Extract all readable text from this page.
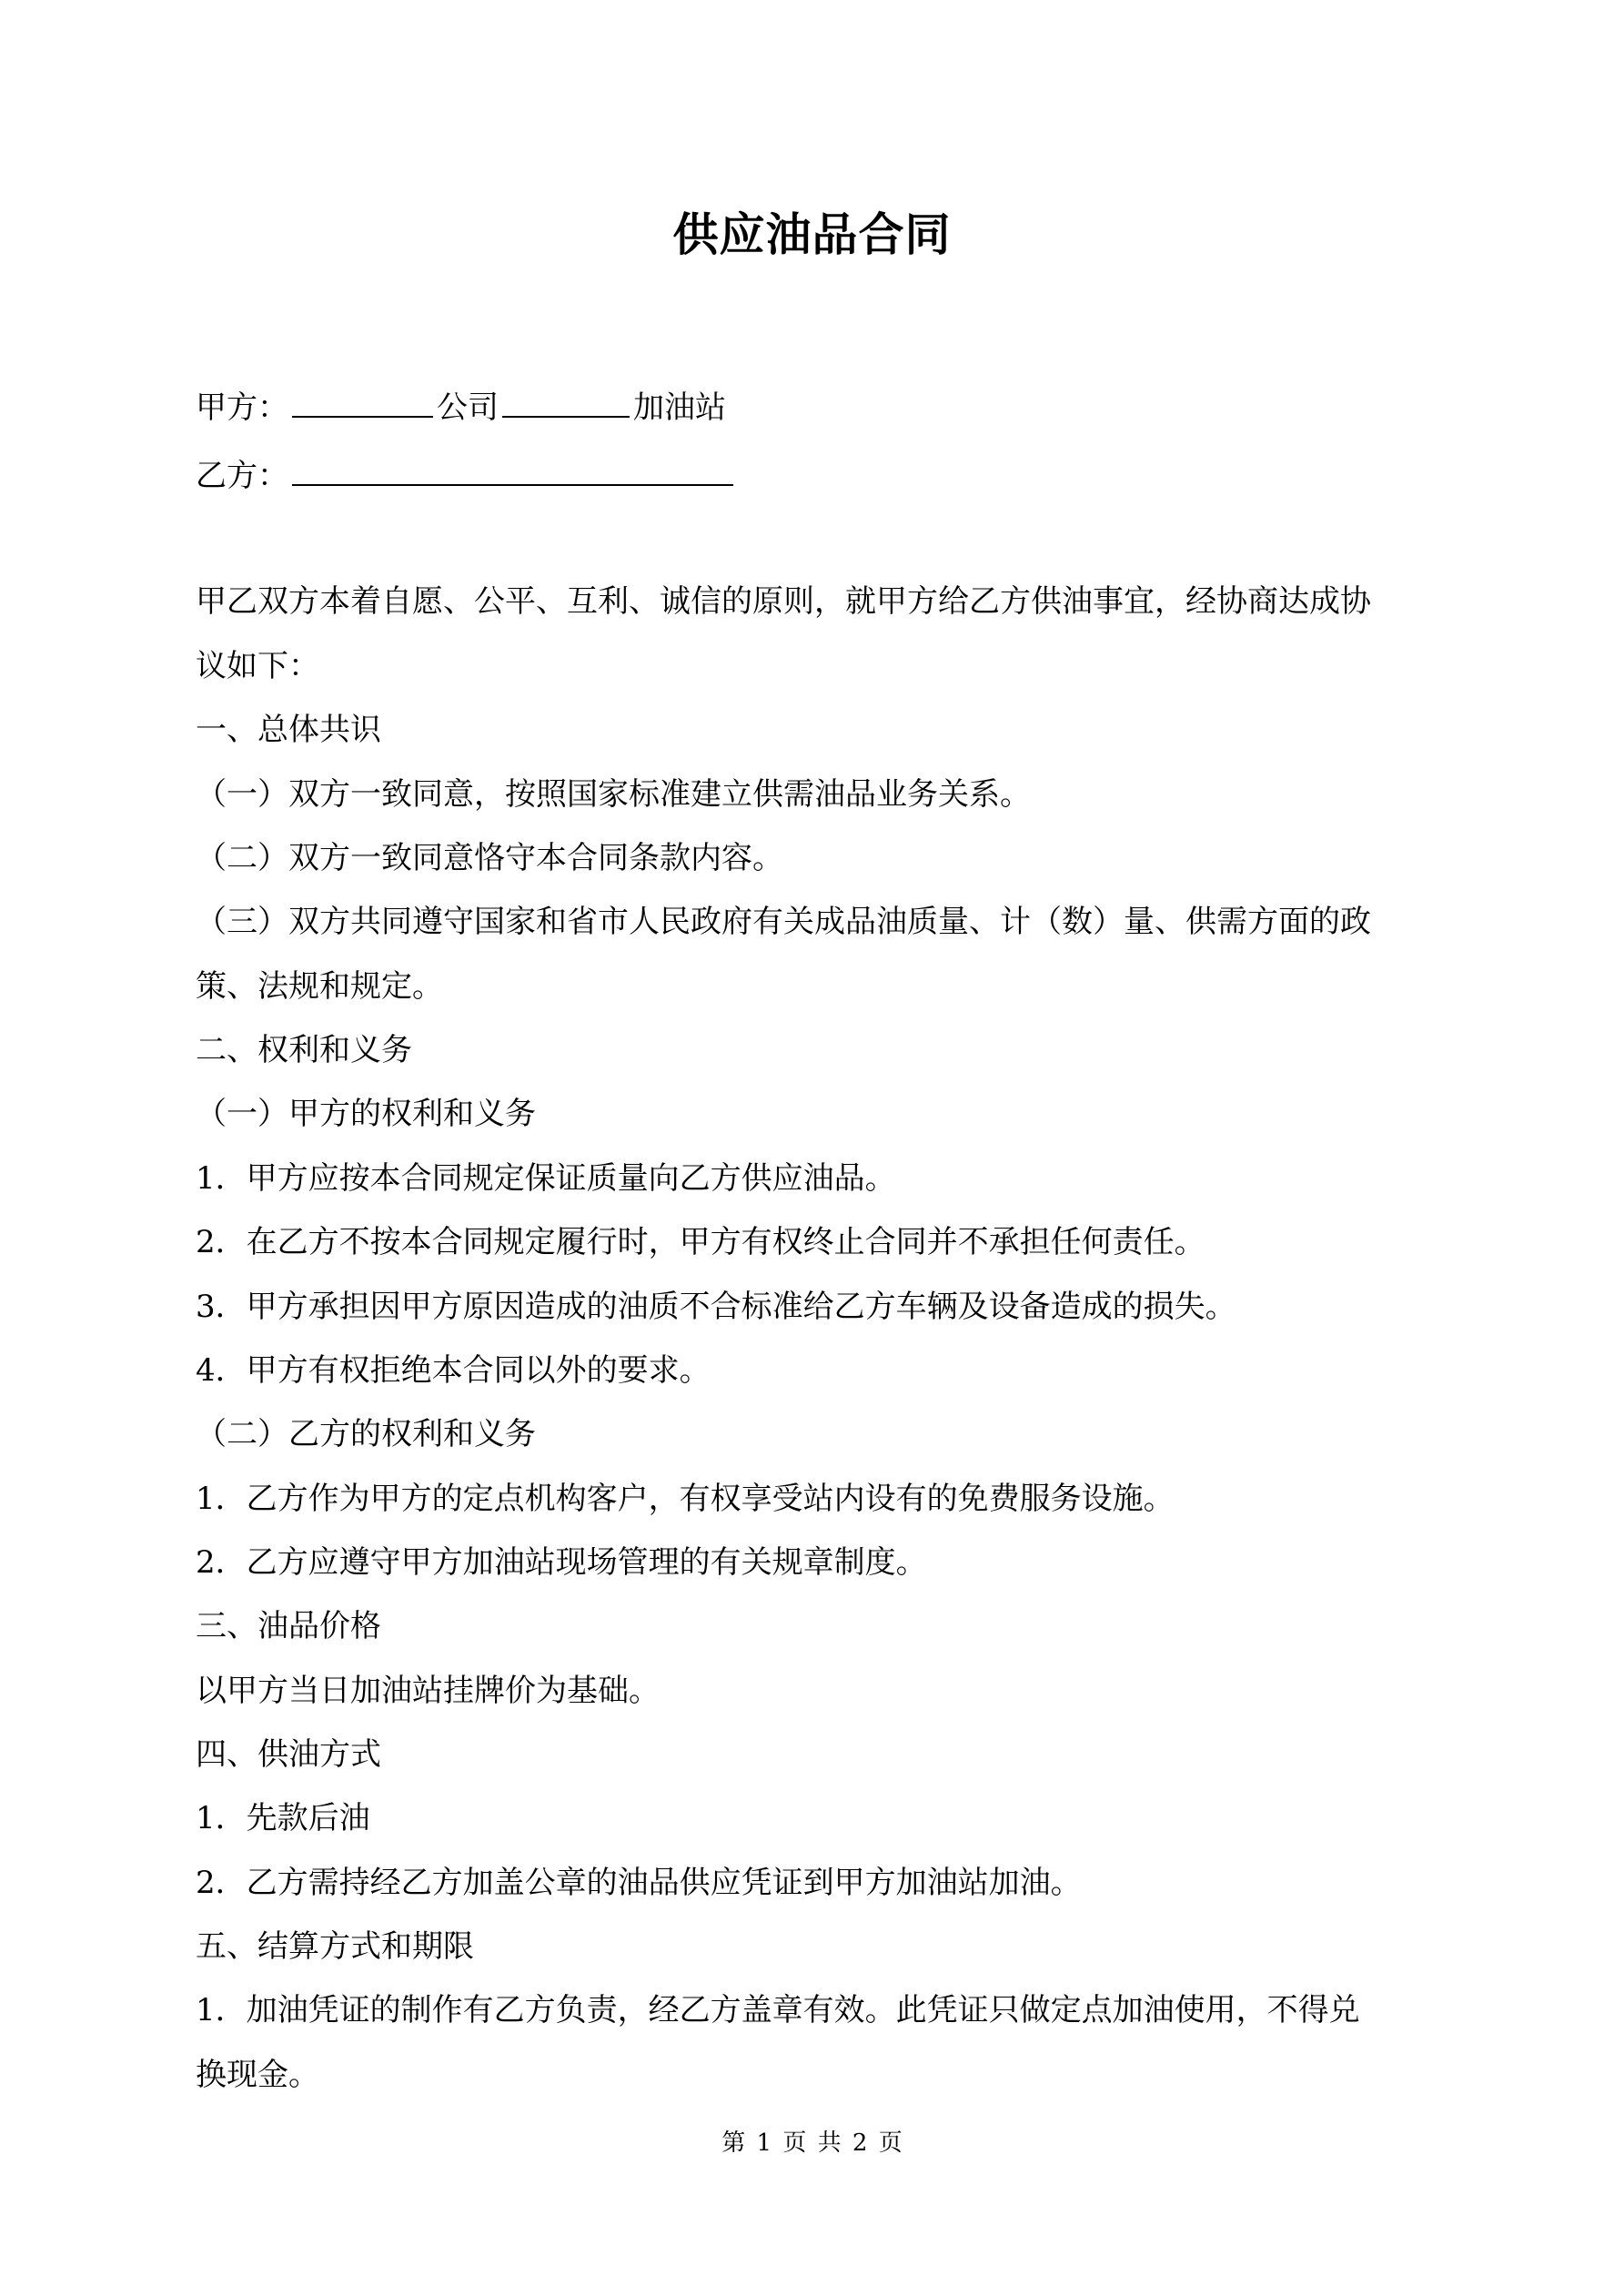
供应油品合同
甲方：	公司	加油站
乙方：
甲乙双方本着自愿、公平、互利、诚信的原则，就甲方给乙方供油事宜，经协商达成协
议如下：
一、总体共识
（一）双方一致同意，按照国家标准建立供需油品业务关系。
（二）双方一致同意恪守本合同条款内容。
（三）双方共同遵守国家和省市人民政府有关成品油质量、计（数）量、供需方面的政
策、法规和规定。
二、权利和义务
（一）甲方的权利和义务
1．甲方应按本合同规定保证质量向乙方供应油品。
2．在乙方不按本合同规定履行时，甲方有权终止合同并不承担任何责任。
3．甲方承担因甲方原因造成的油质不合标准给乙方车辆及设备造成的损失。
4．甲方有权拒绝本合同以外的要求。
（二）乙方的权利和义务
1．乙方作为甲方的定点机构客户，有权享受站内设有的免费服务设施。
2．乙方应遵守甲方加油站现场管理的有关规章制度。
三、油品价格
以甲方当日加油站挂牌价为基础。
四、供油方式
1．先款后油
2．乙方需持经乙方加盖公章的油品供应凭证到甲方加油站加油。
五、结算方式和期限
1．加油凭证的制作有乙方负责，经乙方盖章有效。此凭证只做定点加油使用，不得兑
换现金。
第 1 页 共 2 页
